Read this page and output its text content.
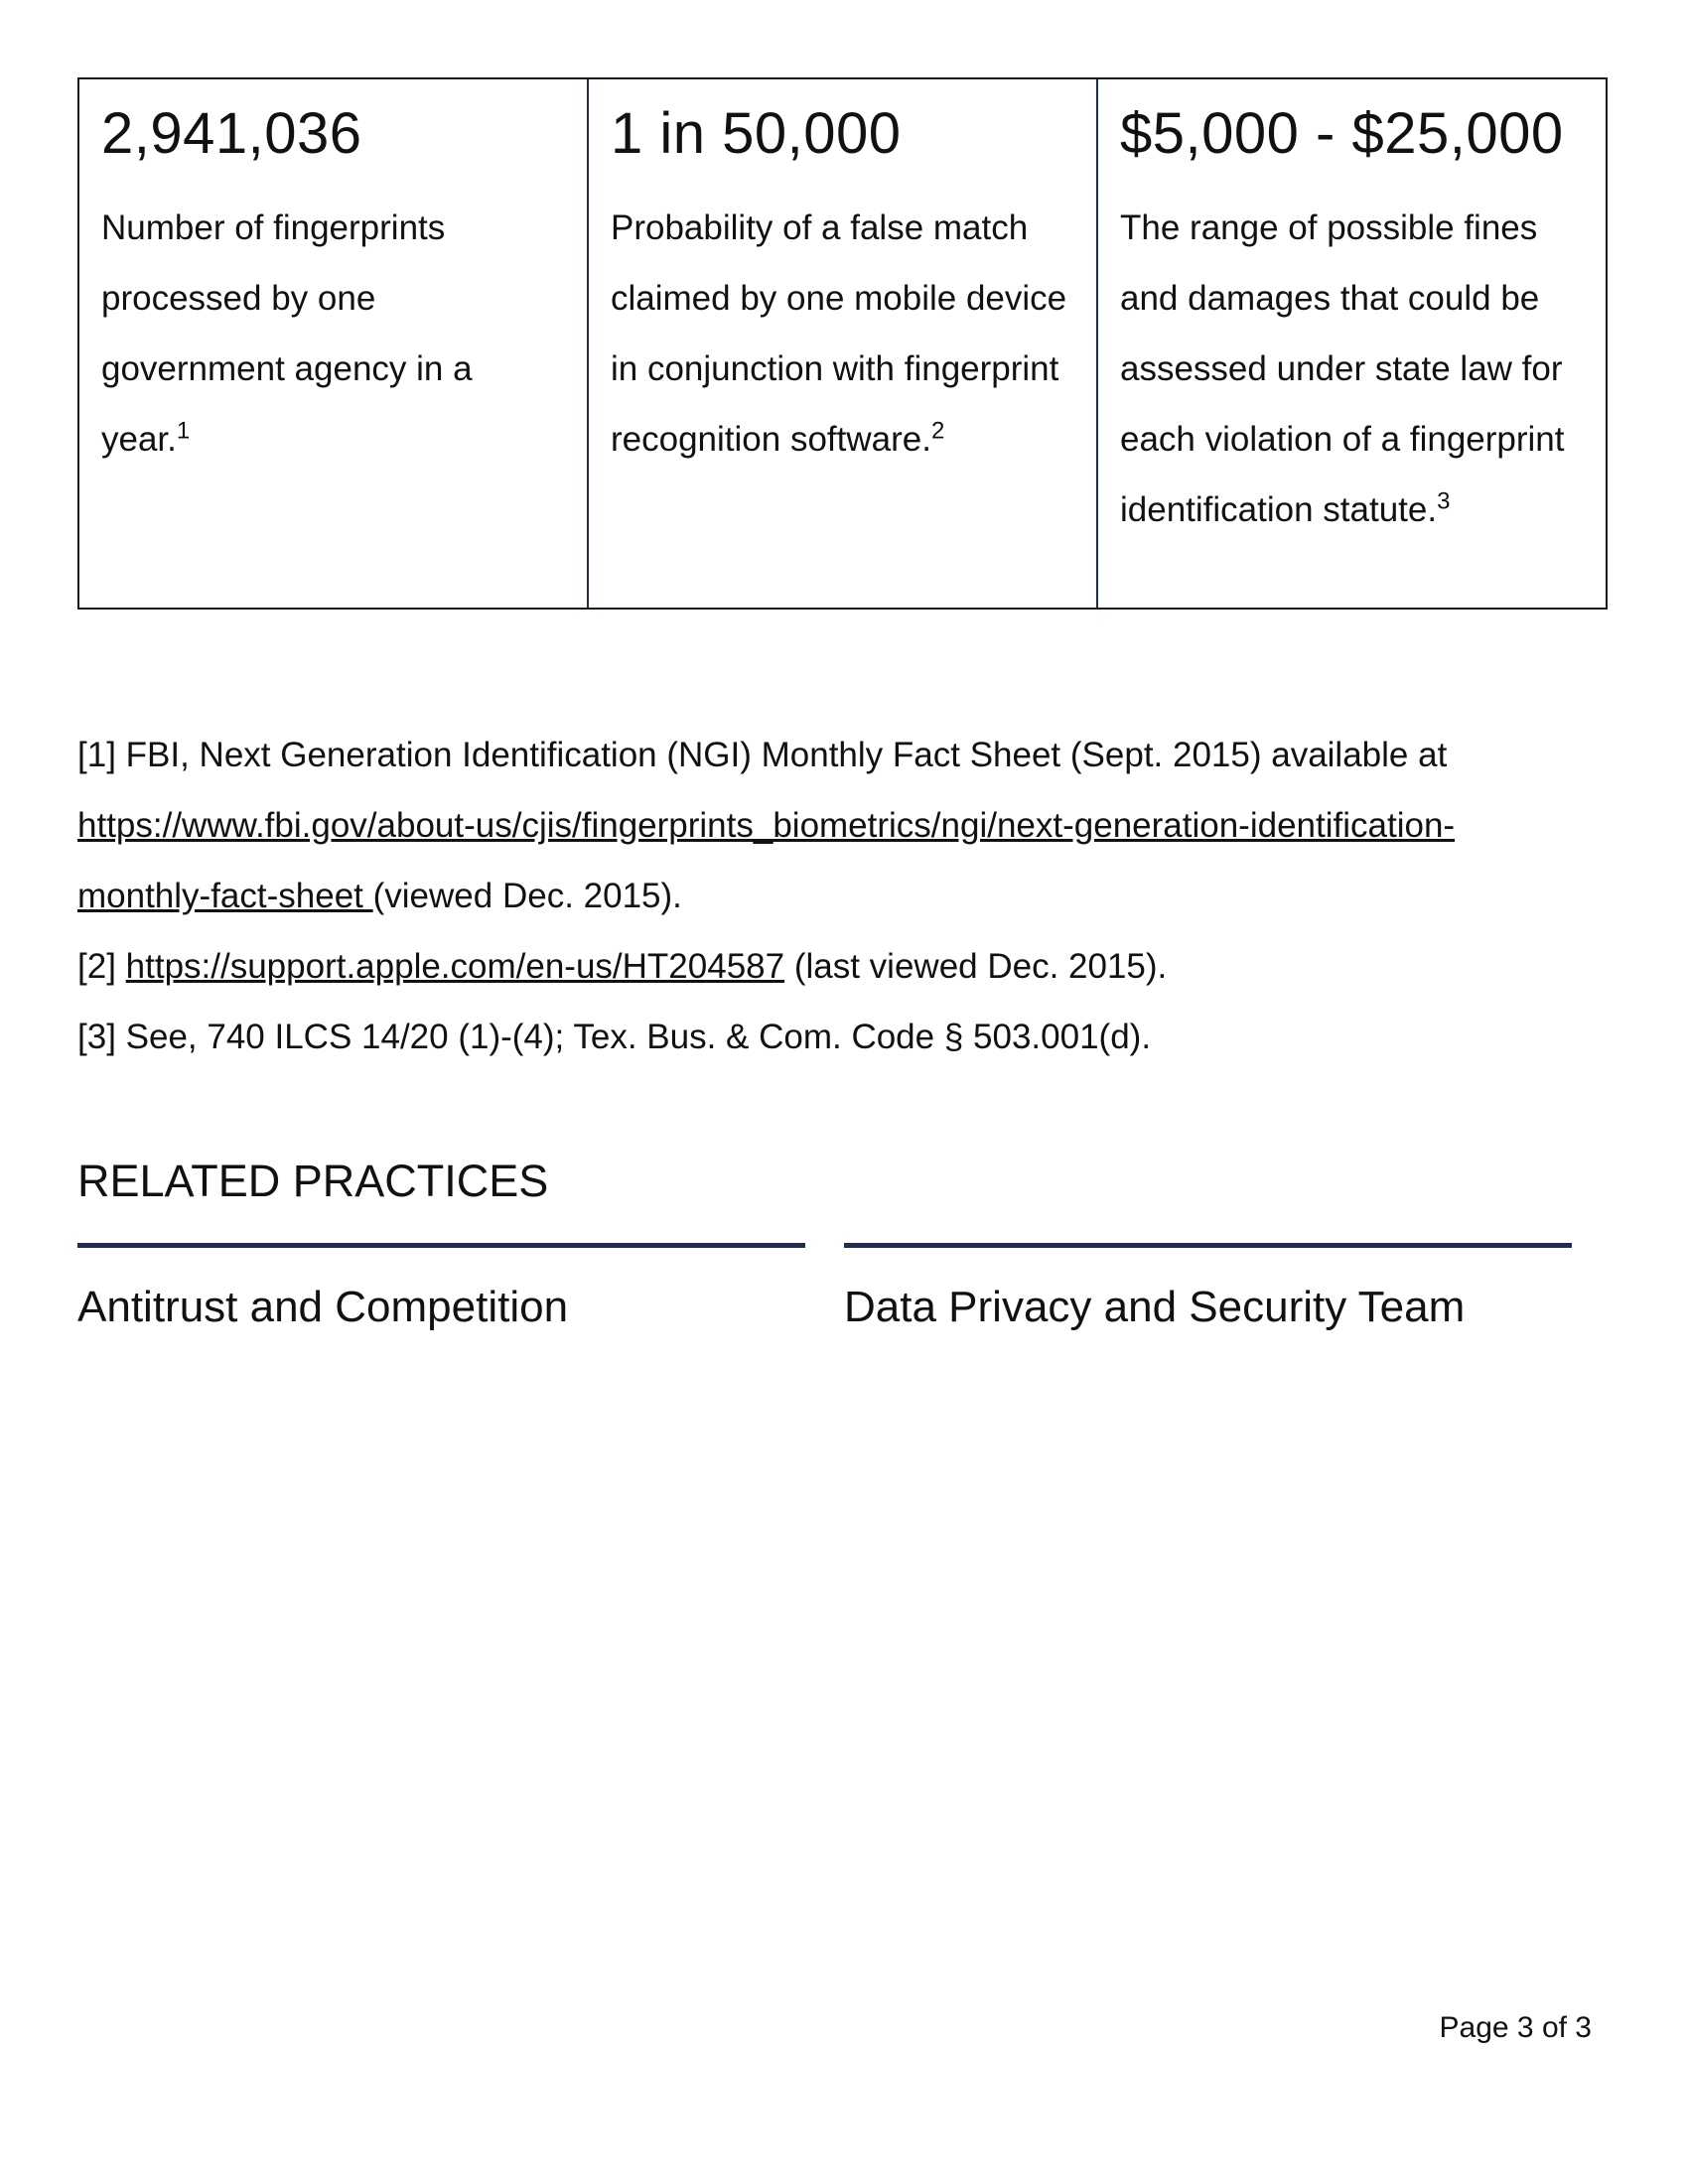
2,941,036

Number of fingerprints processed by one government agency in a year.$^1$

1 in 50,000

Probability of a false match claimed by one mobile device in conjunction with fingerprint recognition software.$^2$

$5,000 - $25,000

The range of possible fines and damages that could be assessed under state law for each violation of a fingerprint identification statute.$^3$

[1] FBI, Next Generation Identification (NGI) Monthly Fact Sheet (Sept. 2015) available at
https://www.fbi.gov/about-us/cjis/fingerprints_biometrics/ngi/next-generation-identification-
monthly-fact-sheet (viewed Dec. 2015).

[2] https://support.apple.com/en-us/HT204587 (last viewed Dec. 2015).

[3] See, 740 ILCS 14/20 (1)-(4); Tex. Bus. & Com. Code § 503.001(d).

RELATED PRACTICES
Antitrust and Competition	Data Privacy and Security Team
Page 3 of 3
